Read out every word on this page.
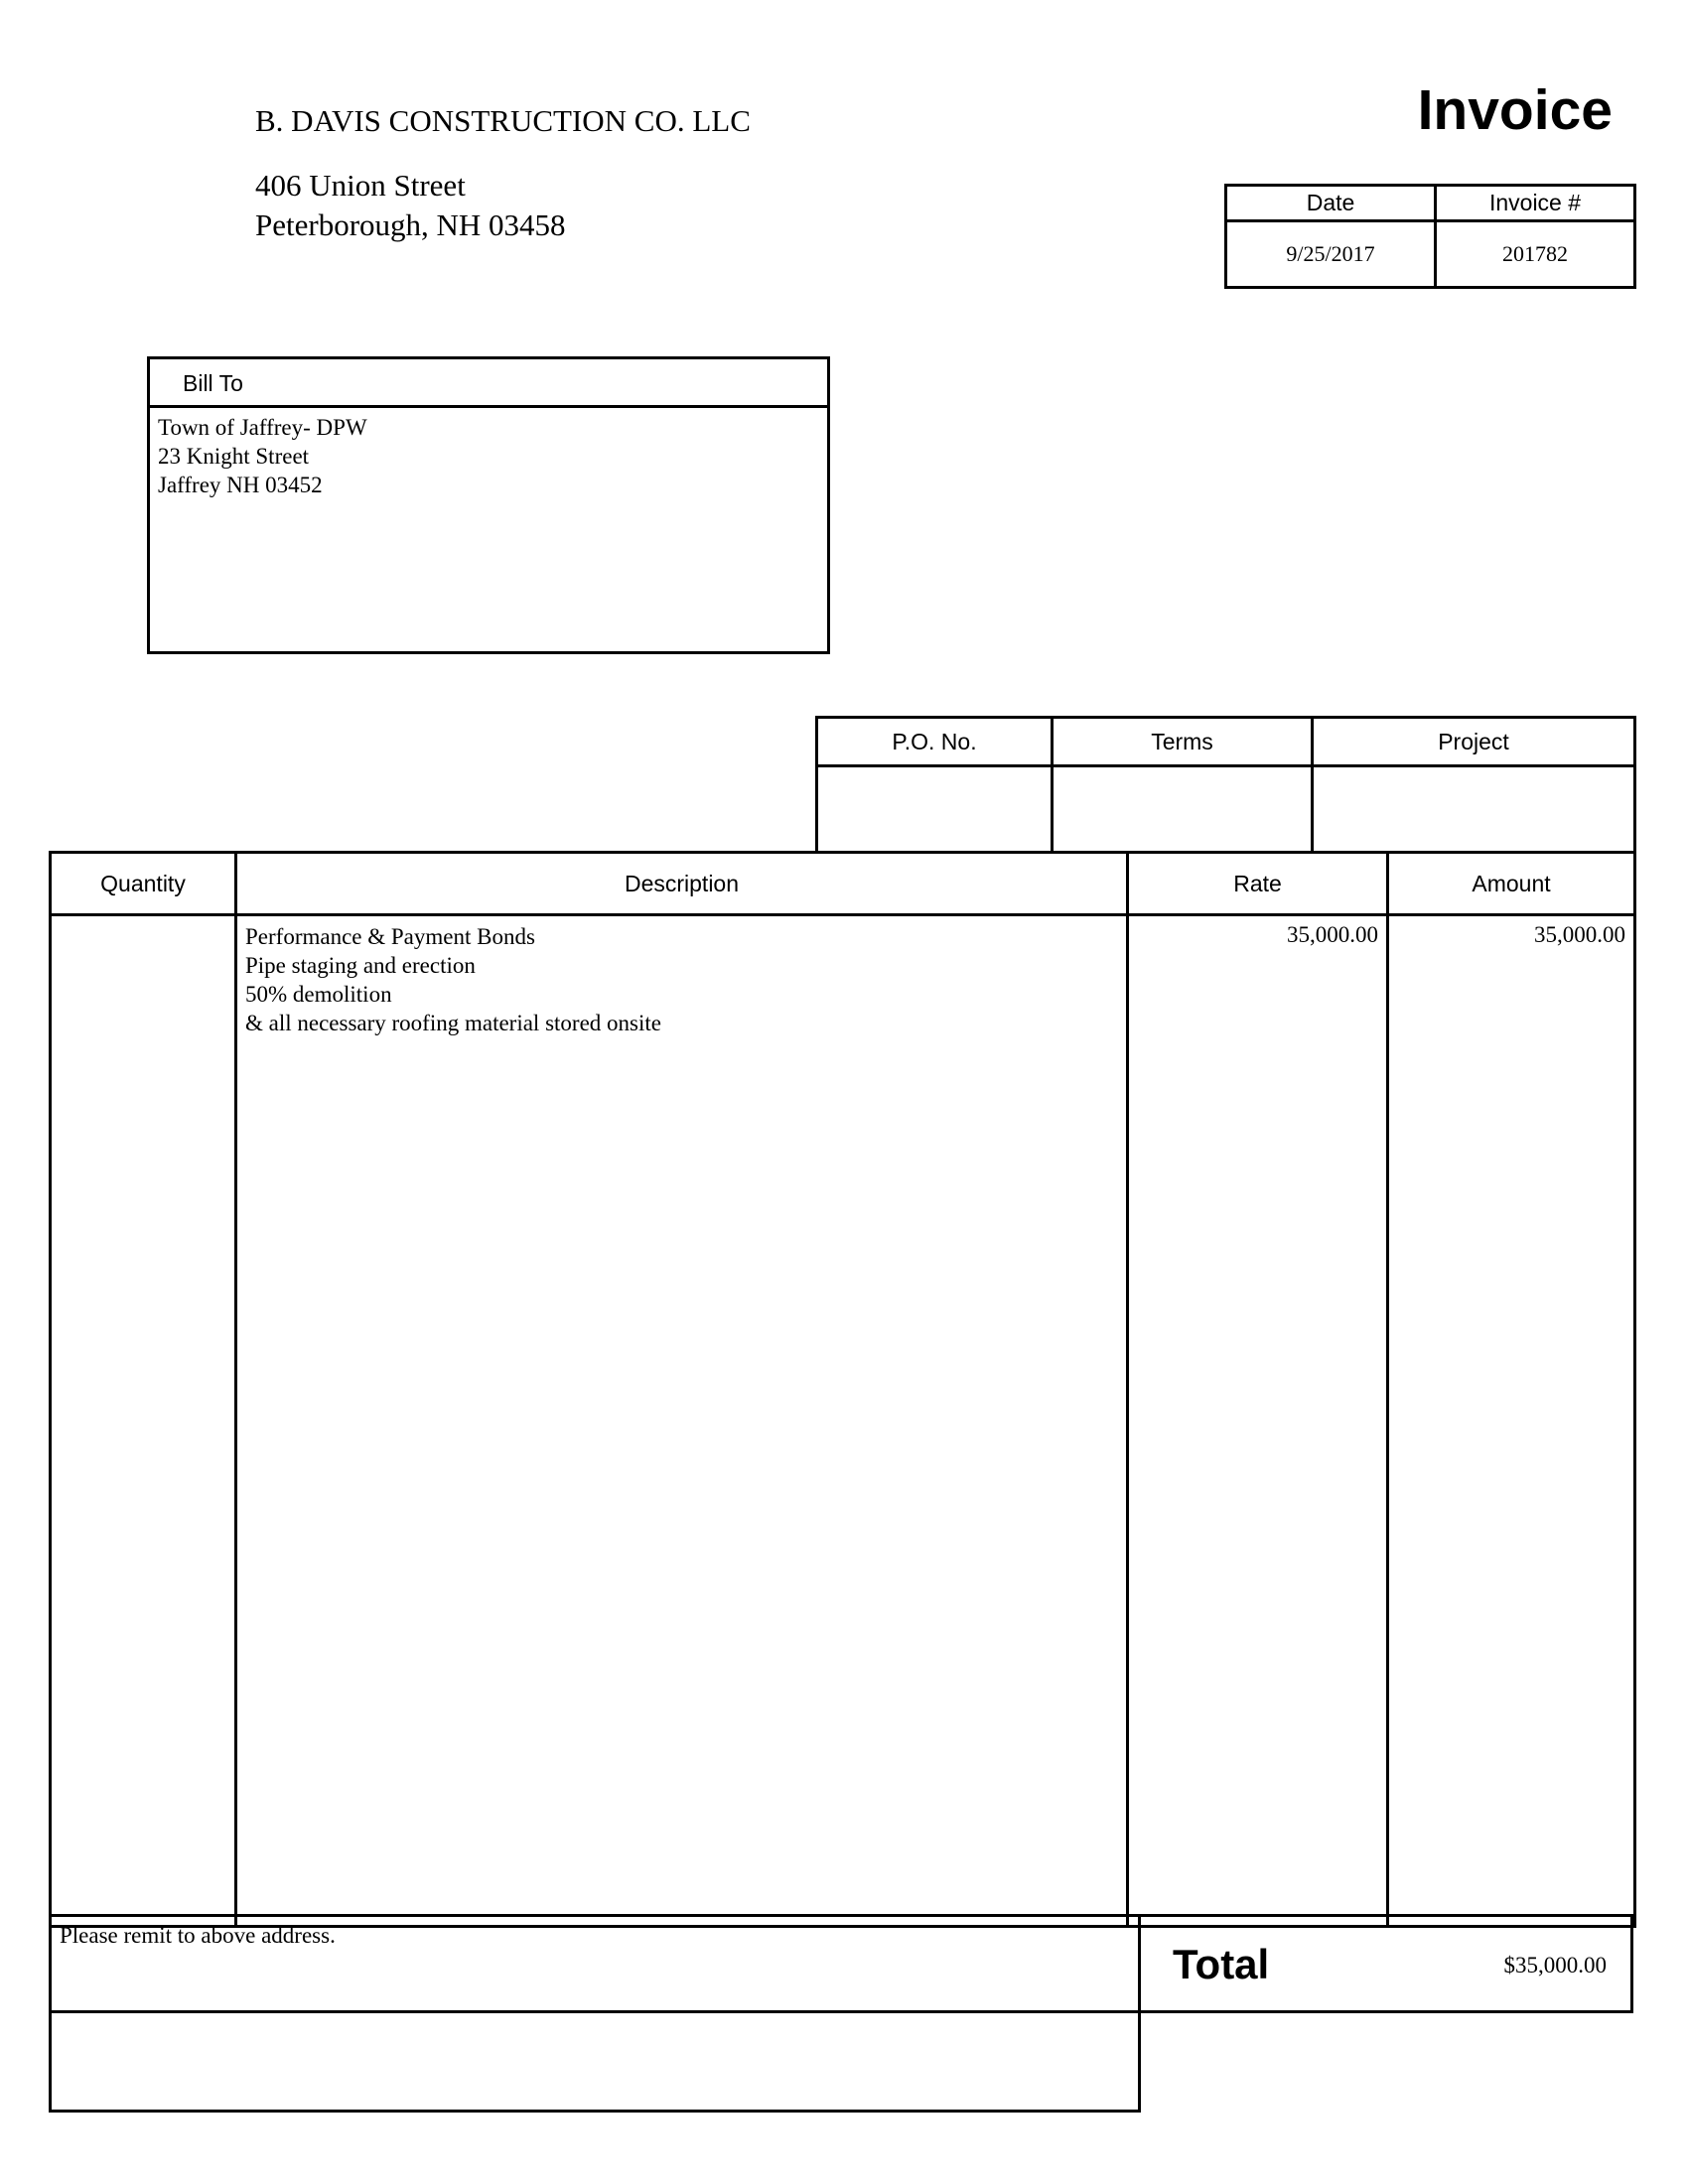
B. DAVIS CONSTRUCTION CO. LLC
406 Union Street
Peterborough, NH 03458
Invoice
Date	Invoice #
9/25/2017	201782
Bill To
Town of Jaffrey- DPW
23 Knight Street
Jaffrey NH 03452
P.O. No.	Terms	Project

Quantity	Description	Rate	Amount

	Performance & Payment Bonds
Pipe staging and erection
50% demolition
& all necessary roofing material stored onsite	35,000.00	35,000.00
Please remit to above address.
Total	$35,000.00
